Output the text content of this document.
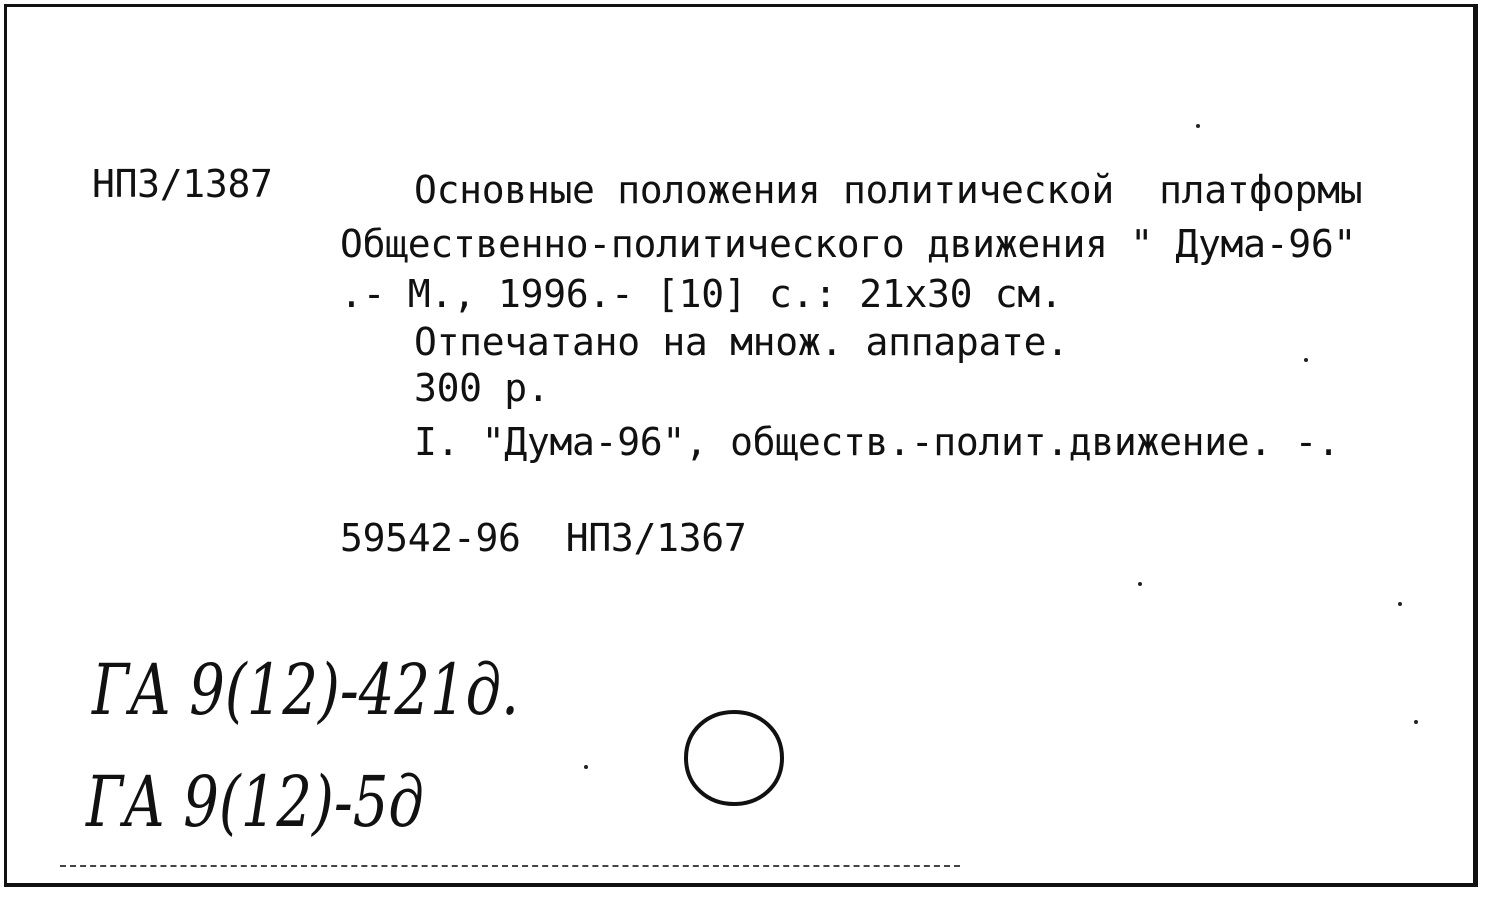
НПЗ/1387	Основные положения политической  платформы
Общественно-политического движения " Дума-96"
.- М., 1996.- [10] с.: 21х30 см.
Отпечатано на множ. аппарате.
300 р.
I. "Дума-96", обществ.-полит.движение. -.
59542-96  НПЗ/1367
ГА 9(12)-421д.
ГА 9(12)-5д
